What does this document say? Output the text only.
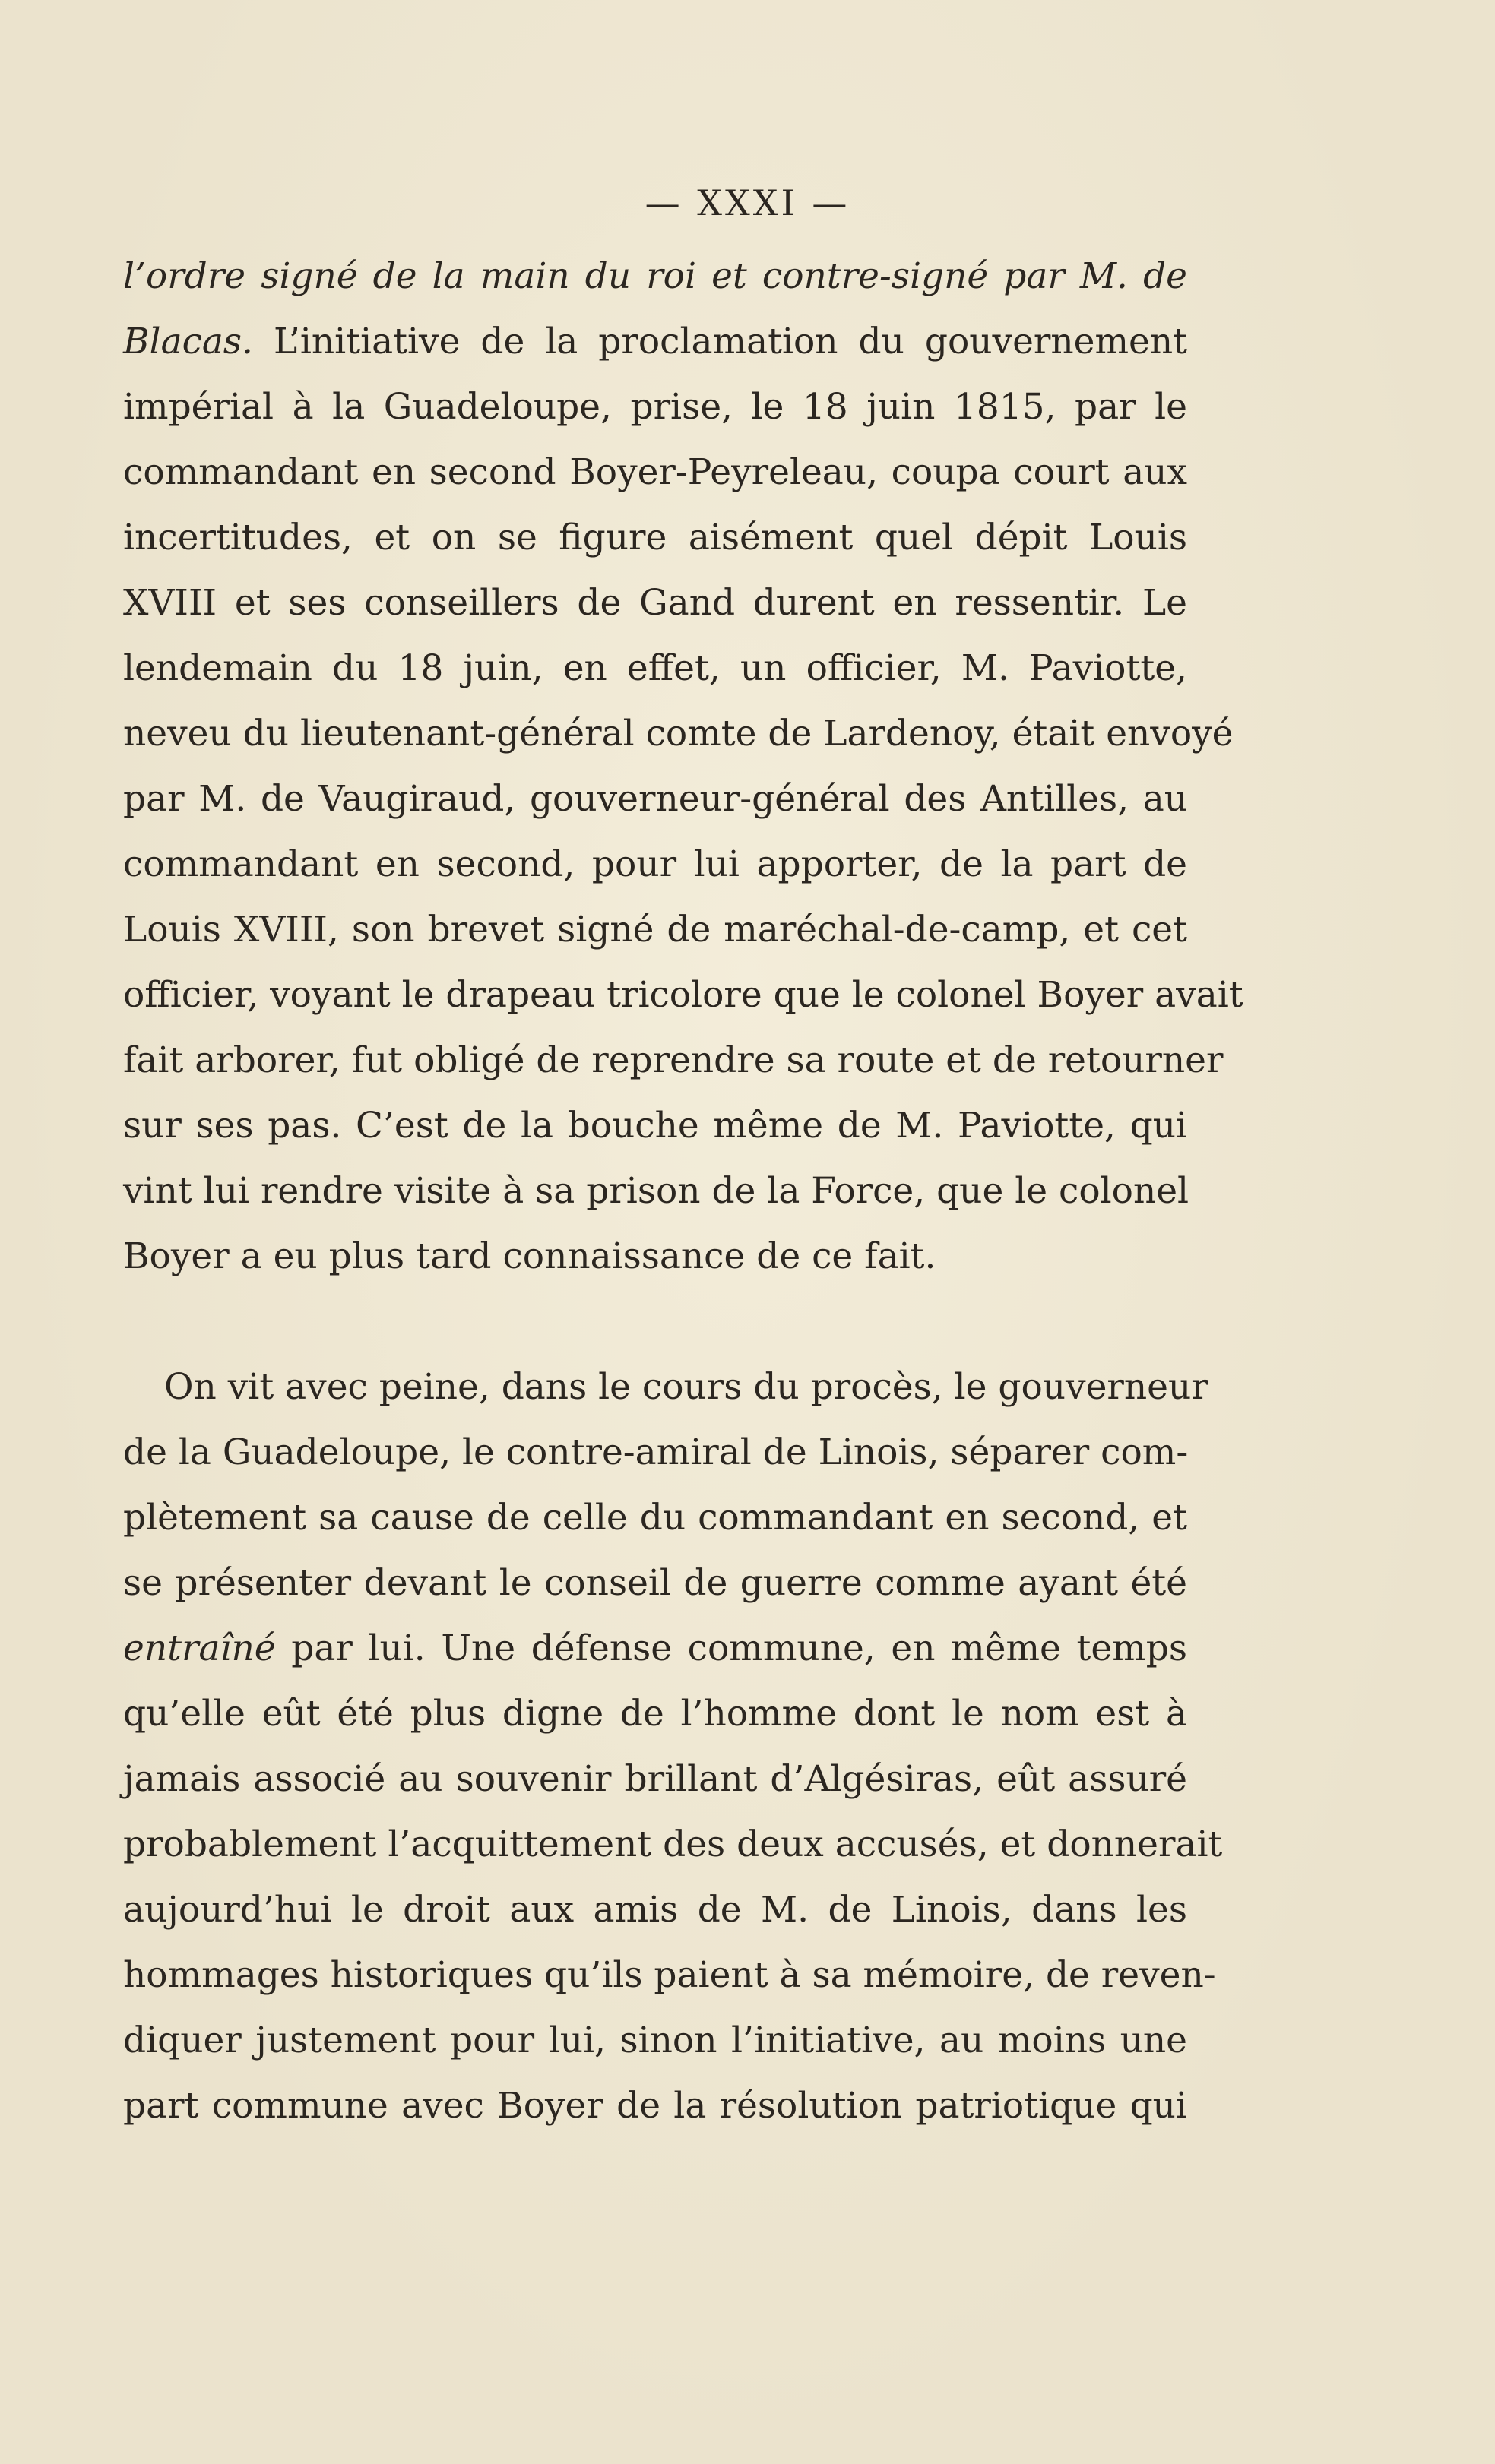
— XXXI —
l’ordre signé de la main du roi et contre-signé par M. de
Blacas. L’initiative de la proclamation du gouvernement
impérial à la Guadeloupe, prise, le 18 juin 1815, par le
commandant en second Boyer-Peyreleau, coupa court aux
incertitudes, et on se figure aisément quel dépit Louis
XVIII et ses conseillers de Gand durent en ressentir. Le
lendemain du 18 juin, en effet, un officier, M. Paviotte,
neveu du lieutenant-général comte de Lardenoy, était envoyé
par M. de Vaugiraud, gouverneur-général des Antilles, au
commandant en second, pour lui apporter, de la part de
Louis XVIII, son brevet signé de maréchal-de-camp, et cet
officier, voyant le drapeau tricolore que le colonel Boyer avait
fait arborer, fut obligé de reprendre sa route et de retourner
sur ses pas. C’est de la bouche même de M. Paviotte, qui
vint lui rendre visite à sa prison de la Force, que le colonel
Boyer a eu plus tard connaissance de ce fait.
On vit avec peine, dans le cours du procès, le gouverneur
de la Guadeloupe, le contre-amiral de Linois, séparer com-
plètement sa cause de celle du commandant en second, et
se présenter devant le conseil de guerre comme ayant été
entraîné par lui. Une défense commune, en même temps
qu’elle eût été plus digne de l’homme dont le nom est à
jamais associé au souvenir brillant d’Algésiras, eût assuré
probablement l’acquittement des deux accusés, et donnerait
aujourd’hui le droit aux amis de M. de Linois, dans les
hommages historiques qu’ils paient à sa mémoire, de reven-
diquer justement pour lui, sinon l’initiative, au moins une
part commune avec Boyer de la résolution patriotique qui
